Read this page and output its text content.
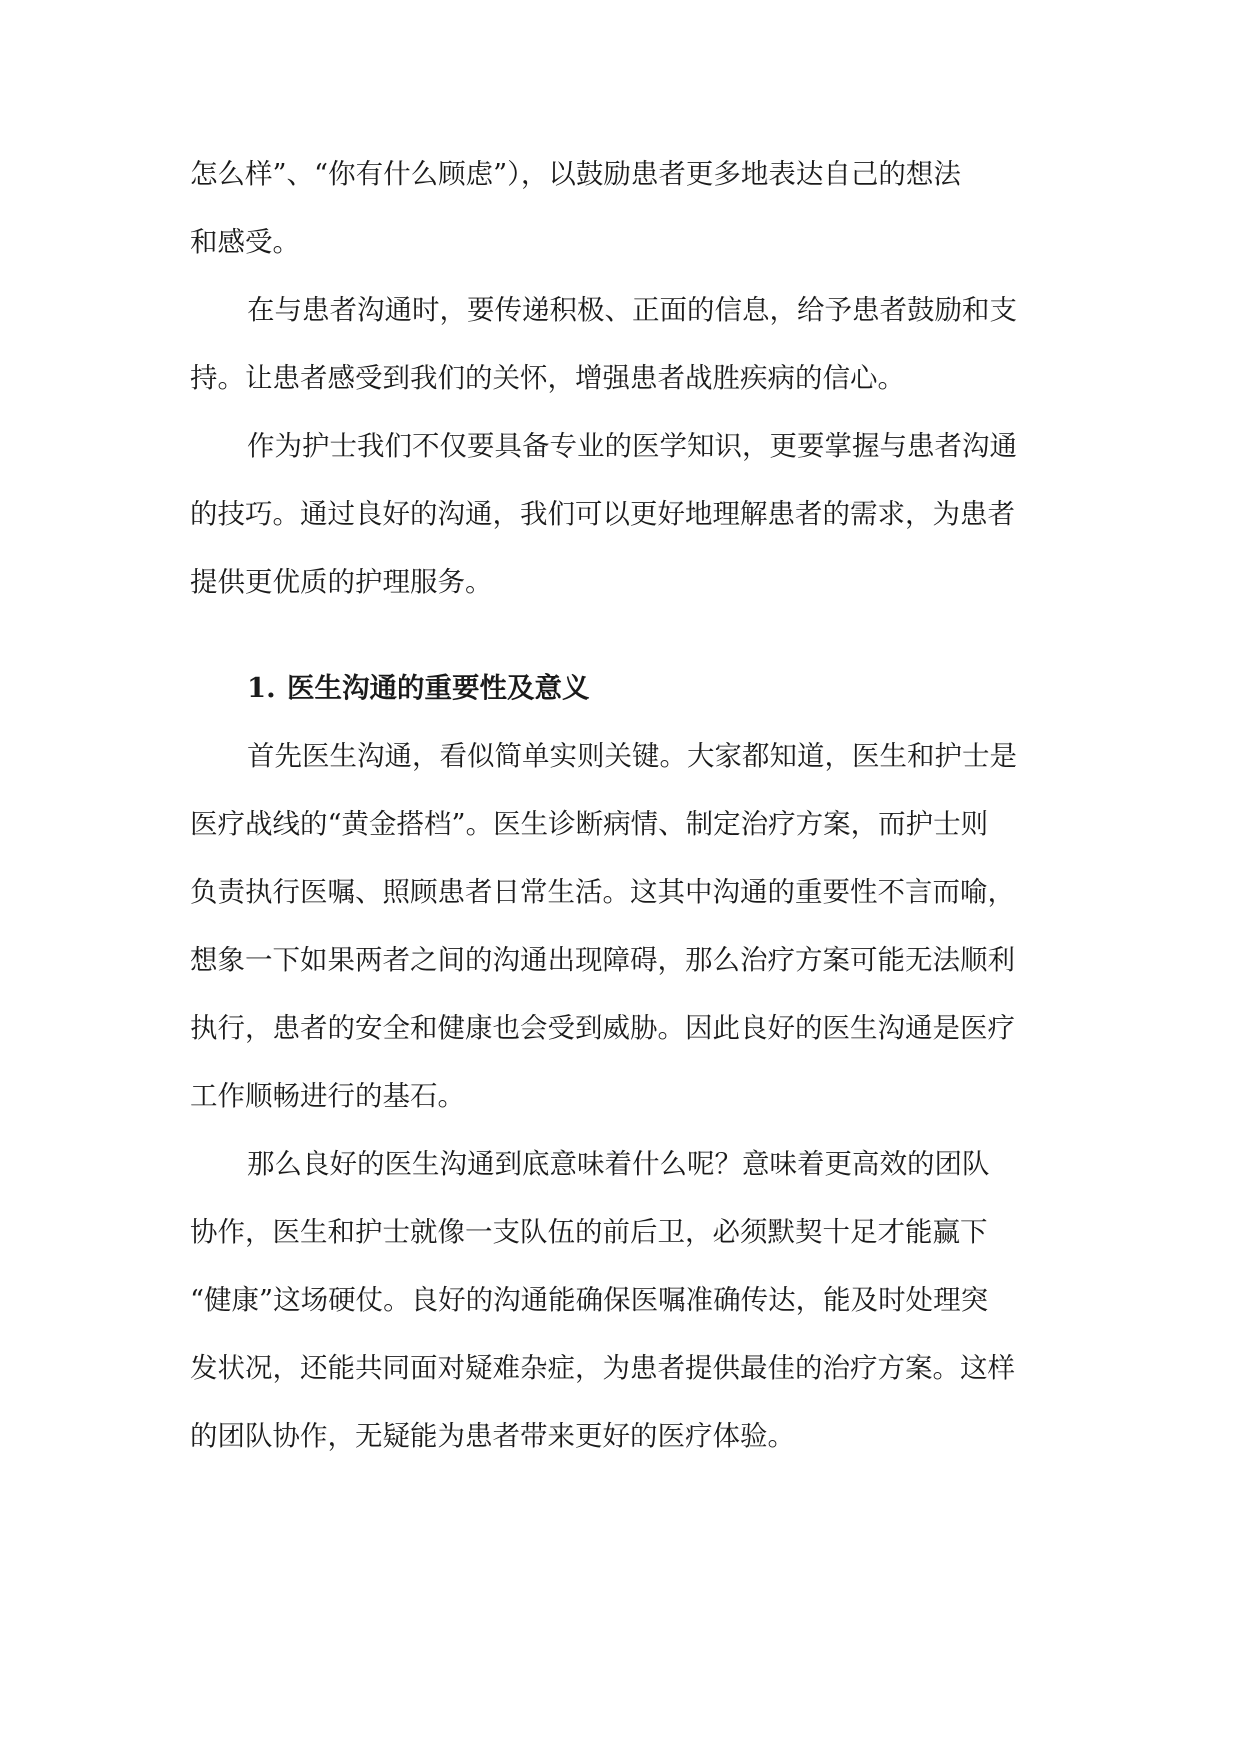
怎么样”、“你有什么顾虑”），以鼓励患者更多地表达自己的想法

和感受。

在与患者沟通时，要传递积极、正面的信息，给予患者鼓励和支

持。让患者感受到我们的关怀，增强患者战胜疾病的信心。

作为护士我们不仅要具备专业的医学知识，更要掌握与患者沟通

的技巧。通过良好的沟通，我们可以更好地理解患者的需求，为患者

提供更优质的护理服务。

1. 医生沟通的重要性及意义

首先医生沟通，看似简单实则关键。大家都知道，医生和护士是

医疗战线的“黄金搭档”。医生诊断病情、制定治疗方案，而护士则

负责执行医嘱、照顾患者日常生活。这其中沟通的重要性不言而喻，

想象一下如果两者之间的沟通出现障碍，那么治疗方案可能无法顺利

执行，患者的安全和健康也会受到威胁。因此良好的医生沟通是医疗

工作顺畅进行的基石。

那么良好的医生沟通到底意味着什么呢？意味着更高效的团队

协作，医生和护士就像一支队伍的前后卫，必须默契十足才能赢下

“健康”这场硬仗。良好的沟通能确保医嘱准确传达，能及时处理突

发状况，还能共同面对疑难杂症，为患者提供最佳的治疗方案。这样

的团队协作，无疑能为患者带来更好的医疗体验。
